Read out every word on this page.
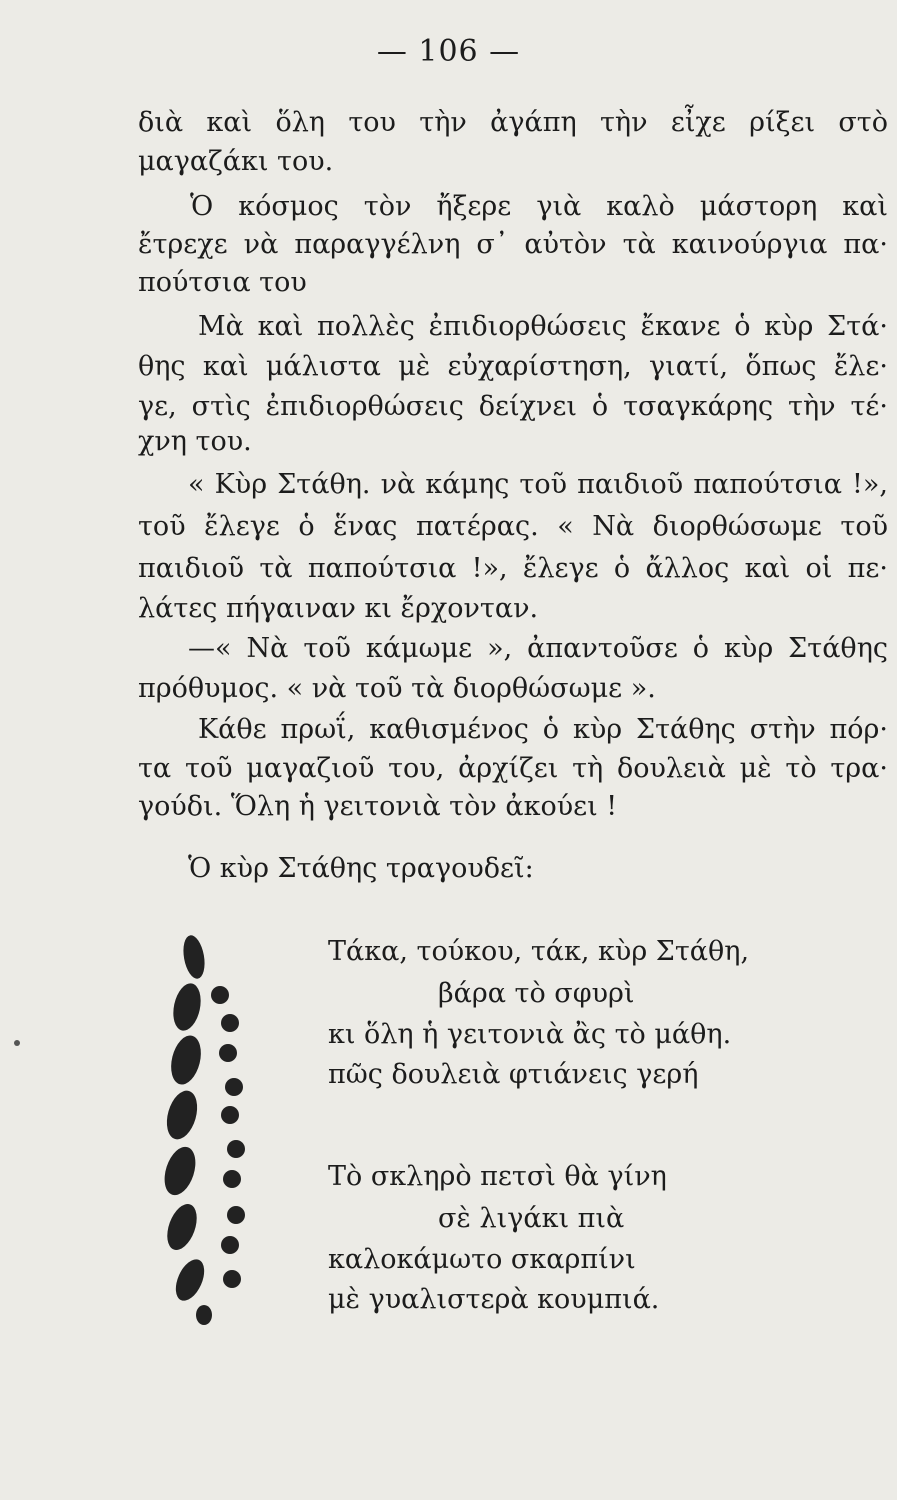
— 106 —
διὰ καὶ ὅλη του τὴν ἀγάπη τὴν εἶχε ρίξει στὸ
μαγαζάκι του.
Ὁ κόσμος τὸν ἤξερε γιὰ καλὸ μάστορη καὶ
ἔτρεχε νὰ παραγγέλνη σ᾽ αὐτὸν τὰ καινούργια πα·
πούτσια του
Μὰ καὶ πολλὲς ἐπιδιορθώσεις ἔκανε ὁ κὺρ Στά·
θης καὶ μάλιστα μὲ εὐχαρίστηση, γιατί, ὅπως ἔλε·
γε, στὶς ἐπιδιορθώσεις δείχνει ὁ τσαγκάρης τὴν τέ·
χνη του.
« Κὺρ Στάθη. νὰ κάμης τοῦ παιδιοῦ παπούτσια !»,
τοῦ ἔλεγε ὁ ἕνας πατέρας. « Νὰ διορθώσωμε τοῦ
παιδιοῦ τὰ παπούτσια !», ἔλεγε ὁ ἄλλος καὶ οἱ πε·
λάτες πήγαιναν κι ἔρχονταν.
—« Νὰ τοῦ κάμωμε », ἀπαντοῦσε ὁ κὺρ Στάθης
πρόθυμος. « νὰ τοῦ τὰ διορθώσωμε ».
Κάθε πρωΐ, καθισμένος ὁ κὺρ Στάθης στὴν πόρ·
τα τοῦ μαγαζιοῦ του, ἀρχίζει τὴ δουλειὰ μὲ τὸ τρα·
γούδι. Ὅλη ἡ γειτονιὰ τὸν ἀκούει !
Ὁ κὺρ Στάθης τραγουδεῖ:
Τάκα, τούκου, τάκ, κὺρ Στάθη,
βάρα τὸ σφυρὶ
κι ὅλη ἡ γειτονιὰ ἂς τὸ μάθη.
πῶς δουλειὰ φτιάνεις γερή
Τὸ σκληρὸ πετσὶ θὰ γίνη
σὲ λιγάκι πιὰ
καλοκάμωτο σκαρπίνι
μὲ γυαλιστερὰ κουμπιά.
